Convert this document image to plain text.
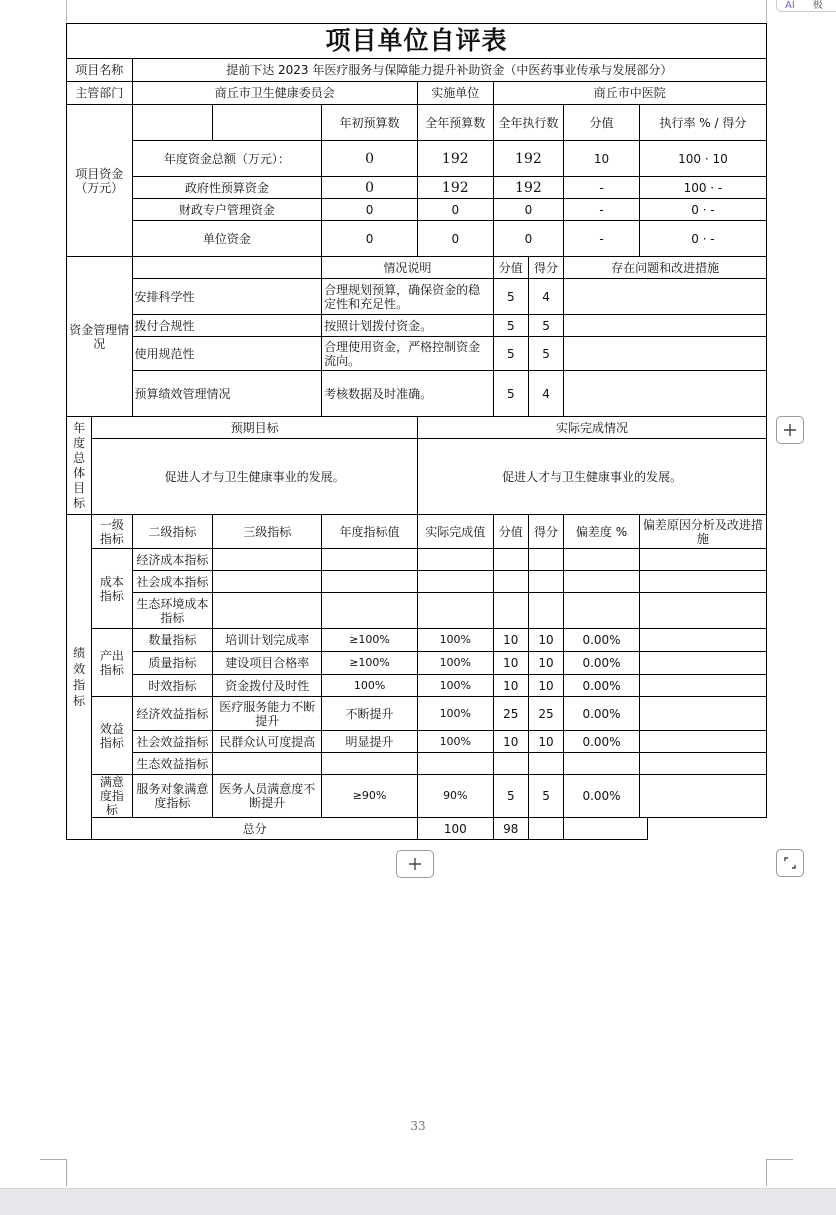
AI 极
项目单位自评表									
项目名称		提前下达 2023 年医疗服务与保障能力提升补助资金（中医药事业传承与发展部分）							
主管部门		商丘市卫生健康委员会			实施单位	商丘市中医院			
项目资金（万元）				年初预算数	全年预算数	全年执行数		分值	执行率 % / 得分
		年度资金总额（万元）：		0	192	192		10	100 · 10
		政府性预算资金		0	192	192		-	100 · -
		财政专户管理资金		0	0	0		-	0 · -
		单位资金		0	0	0		-	0 · -
资金管理情况				情况说明		分值	得分	存在问题和改进措施	
		安排科学性		合理规划预算，确保资金的稳定性和充足性。		5	4		
		拨付合规性		按照计划拨付资金。		5	5		
		使用规范性		合理使用资金，严格控制资金流向。		5	5		
		预算绩效管理情况		考核数据及时准确。		5	4		
年度总体目标	预期目标				实际完成情况				
	促进人才与卫生健康事业的发展。				促进人才与卫生健康事业的发展。				
绩效指标	一级指标	二级指标	三级指标	年度指标值	实际完成值	分值	得分	偏差度 %	偏差原因分析及改进措施
	成本指标	经济成本指标							
		社会成本指标							
		生态环境成本指标							
	产出指标	数量指标	培训计划完成率	≥100%	100%	10	10	0.00%	
		质量指标	建设项目合格率	≥100%	100%	10	10	0.00%	
		时效指标	资金拨付及时性	100%	100%	10	10	0.00%	
	效益指标	经济效益指标	医疗服务能力不断提升	不断提升	100%	25	25	0.00%	
		社会效益指标	民群众认可度提高	明显提升	100%	10	10	0.00%	
		生态效益指标							
	满意度指标	服务对象满意度指标	医务人员满意度不断提升	≥90%	90%	5	5	0.00%	
	总分				100	98			
33
